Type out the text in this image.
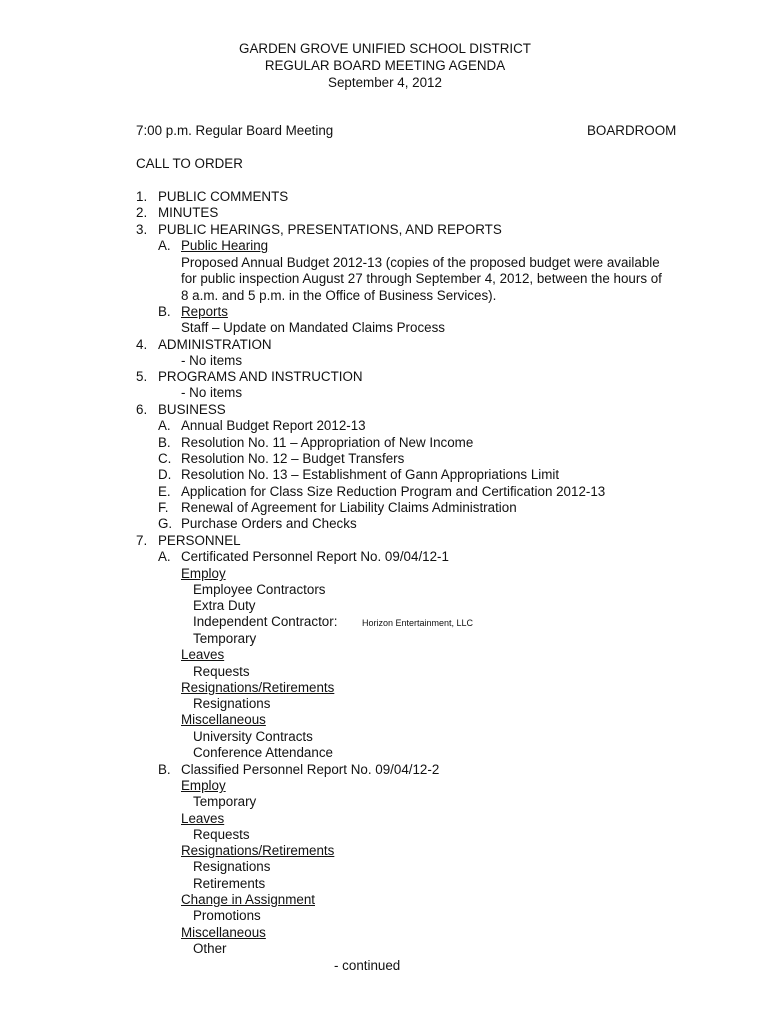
GARDEN GROVE UNIFIED SCHOOL DISTRICT
REGULAR BOARD MEETING AGENDA
September 4, 2012
7:00 p.m. Regular Board Meeting	BOARDROOM
CALL TO ORDER
1. PUBLIC COMMENTS
2. MINUTES
3. PUBLIC HEARINGS, PRESENTATIONS, AND REPORTS
A. Public Hearing
Proposed Annual Budget 2012-13 (copies of the proposed budget were available
for public inspection August 27 through September 4, 2012, between the hours of
8 a.m. and 5 p.m. in the Office of Business Services).
B. Reports
Staff – Update on Mandated Claims Process
4. ADMINISTRATION
- No items
5. PROGRAMS AND INSTRUCTION
- No items
6. BUSINESS
A. Annual Budget Report 2012-13
B. Resolution No. 11 – Appropriation of New Income
C. Resolution No. 12 – Budget Transfers
D. Resolution No. 13 – Establishment of Gann Appropriations Limit
E. Application for Class Size Reduction Program and Certification 2012-13
F. Renewal of Agreement for Liability Claims Administration
G. Purchase Orders and Checks
7. PERSONNEL
A. Certificated Personnel Report No. 09/04/12-1
Employ
Employee Contractors
Extra Duty
Independent Contractor:	Horizon Entertainment, LLC
Temporary
Leaves
Requests
Resignations/Retirements
Resignations
Miscellaneous
University Contracts
Conference Attendance
B. Classified Personnel Report No. 09/04/12-2
Employ
Temporary
Leaves
Requests
Resignations/Retirements
Resignations
Retirements
Change in Assignment
Promotions
Miscellaneous
Other
- continued
